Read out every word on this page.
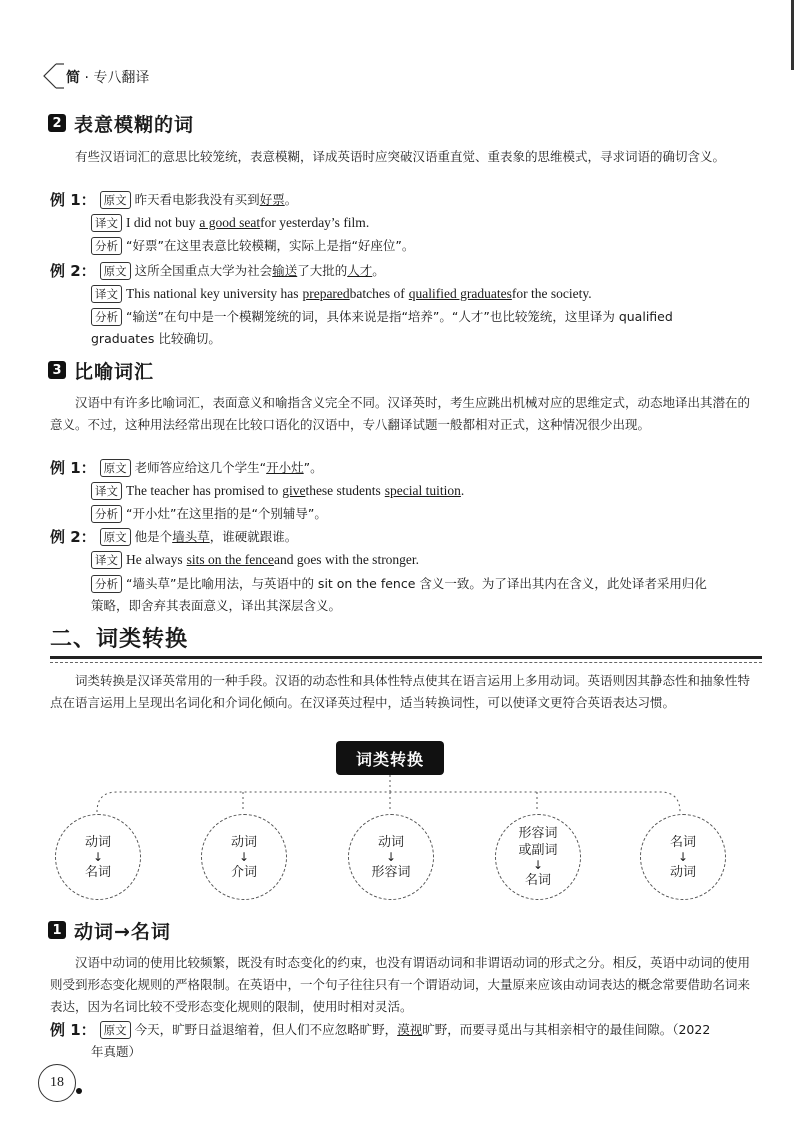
简 · 专八翻译
2 表意模糊的词
有些汉语词汇的意思比较笼统，表意模糊，译成英语时应突破汉语重直觉、重表象的思维模式，寻求词语的确切含义。
例 1： 原文 昨天看电影我没有买到 好票 。
译文 I did not buy
a good seat for yesterday’s film.
分析 “好票”在这里表意比较模糊，实际上是指“好座位”。
例 2： 原文 这所全国重点大学为社会 输送 了大批的 人才 。
译文 This national key university has
prepared batches of
qualified graduates for the society.
分析 “输送”在句中是一个模糊笼统的词，具体来说是指“培养”。“人才”也比较笼统，这里译为 qualified
graduates 比较确切。
3 比喻词汇
汉语中有许多比喻词汇，表面意义和喻指含义完全不同。汉译英时，考生应跳出机械对应的思维定式，动态地译出其潜在的意义。不过，这种用法经常出现在比较口语化的汉语中，专八翻译试题一般都相对正式，这种情况很少出现。
例 1： 原文 老师答应给这几个学生“ 开小灶 ”。
译文 The teacher has promised to
give these students
special tuition .
分析 “开小灶”在这里指的是“个别辅导”。
例 2： 原文 他是个 墙头草 ，谁硬就跟谁。
译文 He always
sits on the fence and goes with the stronger.
分析 “墙头草”是比喻用法，与英语中的 sit on the fence 含义一致。为了译出其内在含义，此处译者采用归化
策略，即舍弃其表面意义，译出其深层含义。
二、词类转换
词类转换是汉译英常用的一种手段。汉语的动态性和具体性特点使其在语言运用上多用动词。英语则因其静态性和抽象性特点在语言运用上呈现出名词化和介词化倾向。在汉译英过程中，适当转换词性，可以使译文更符合英语表达习惯。
词类转换
动词
↓
名词
动词
↓
介词
动词
↓
形容词
形容词
或副词
↓
名词
名词
↓
动词
1 动词→名词
汉语中动词的使用比较频繁，既没有时态变化的约束，也没有谓语动词和非谓语动词的形式之分。相反，英语中动词的使用则受到形态变化规则的严格限制。在英语中，一个句子往往只有一个谓语动词，大量原来应该由动词表达的概念常要借助名词来表达，因为名词比较不受形态变化规则的限制，使用时相对灵活。
例 1： 原文 今天，旷野日益退缩着，但人们不应忽略旷野， 漠视 旷野，而要寻觅出与其相亲相守的最佳间隙。（2022
年真题）
18
